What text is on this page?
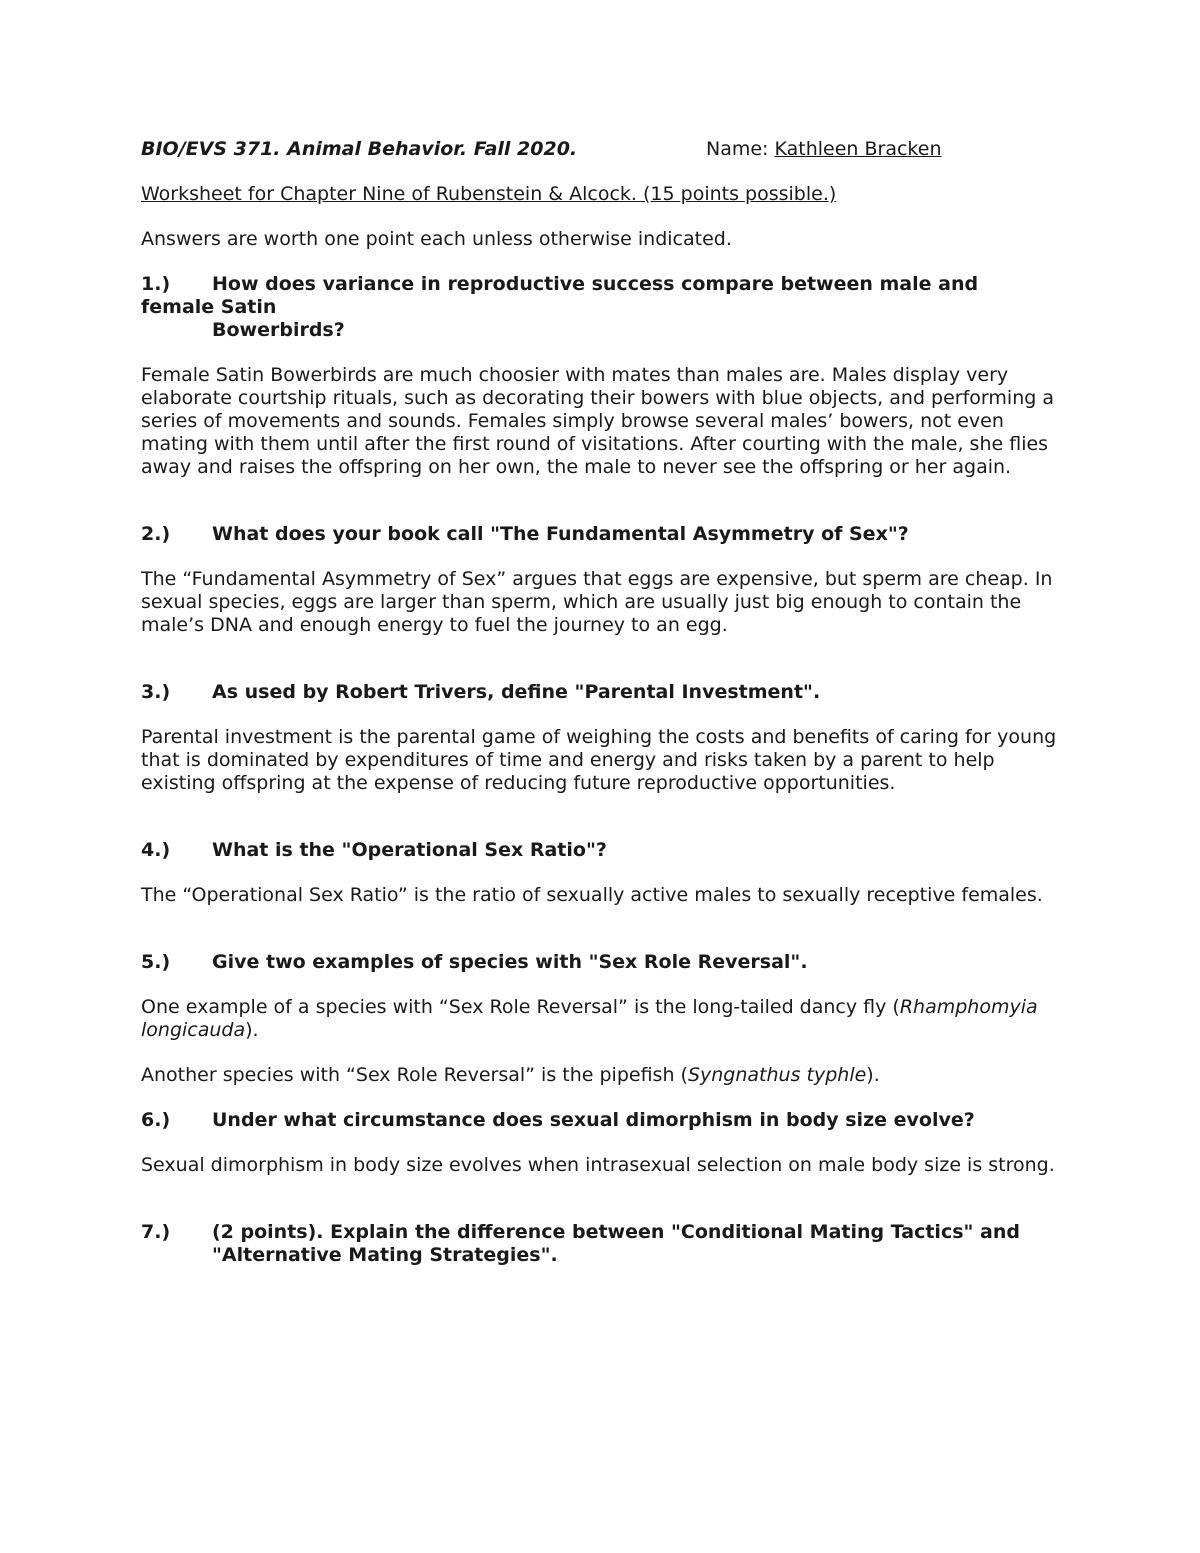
BIO/EVS 371. Animal Behavior. Fall 2020.	Name: Kathleen Bracken
Worksheet for Chapter Nine of Rubenstein & Alcock. (15 points possible.)
Answers are worth one point each unless otherwise indicated.
1.)	How does variance in reproductive success compare between male and
female Satin
Bowerbirds?
Female Satin Bowerbirds are much choosier with mates than males are. Males display very elaborate courtship rituals, such as decorating their bowers with blue objects, and performing a series of movements and sounds. Females simply browse several males’ bowers, not even mating with them until after the first round of visitations. After courting with the male, she flies away and raises the offspring on her own, the male to never see the offspring or her again.
2.)	What does your book call "The Fundamental Asymmetry of Sex"?
The “Fundamental Asymmetry of Sex” argues that eggs are expensive, but sperm are cheap. In sexual species, eggs are larger than sperm, which are usually just big enough to contain the male’s DNA and enough energy to fuel the journey to an egg.
3.)	As used by Robert Trivers, define "Parental Investment".
Parental investment is the parental game of weighing the costs and benefits of caring for young that is dominated by expenditures of time and energy and risks taken by a parent to help existing offspring at the expense of reducing future reproductive opportunities.
4.)	What is the "Operational Sex Ratio"?
The “Operational Sex Ratio” is the ratio of sexually active males to sexually receptive females.
5.)	Give two examples of species with "Sex Role Reversal".
One example of a species with “Sex Role Reversal” is the long-tailed dancy fly (Rhamphomyia longicauda).
Another species with “Sex Role Reversal” is the pipefish (Syngnathus typhle).
6.)	Under what circumstance does sexual dimorphism in body size evolve?
Sexual dimorphism in body size evolves when intrasexual selection on male body size is strong.
7.)	(2 points). Explain the difference between "Conditional Mating Tactics" and "Alternative Mating Strategies".
